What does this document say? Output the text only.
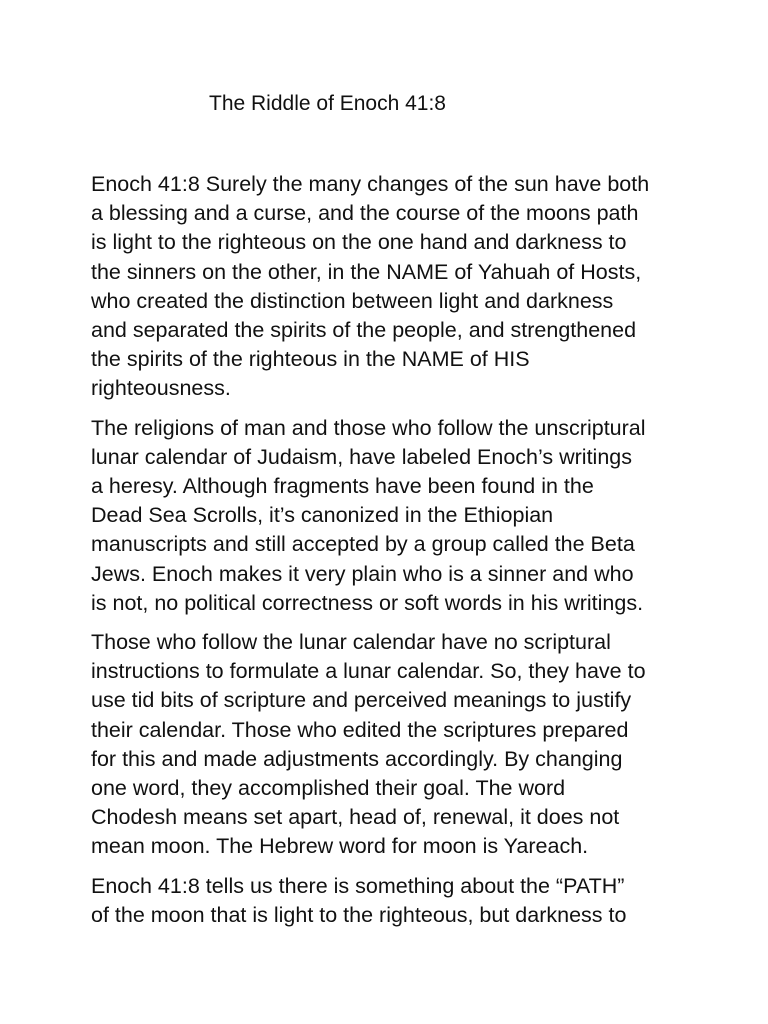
The Riddle of Enoch 41:8

Enoch 41:8 Surely the many changes of the sun have both
a blessing and a curse, and the course of the moons path
is light to the righteous on the one hand and darkness to
the sinners on the other, in the NAME of Yahuah of Hosts,
who created the distinction between light and darkness
and separated the spirits of the people, and strengthened
the spirits of the righteous in the NAME of HIS
righteousness.

The religions of man and those who follow the unscriptural
lunar calendar of Judaism, have labeled Enoch’s writings
a heresy. Although fragments have been found in the
Dead Sea Scrolls, it’s canonized in the Ethiopian
manuscripts and still accepted by a group called the Beta
Jews. Enoch makes it very plain who is a sinner and who
is not, no political correctness or soft words in his writings.

Those who follow the lunar calendar have no scriptural
instructions to formulate a lunar calendar. So, they have to
use tid bits of scripture and perceived meanings to justify
their calendar. Those who edited the scriptures prepared
for this and made adjustments accordingly. By changing
one word, they accomplished their goal. The word
Chodesh means set apart, head of, renewal, it does not
mean moon. The Hebrew word for moon is Yareach.

Enoch 41:8 tells us there is something about the “PATH”
of the moon that is light to the righteous, but darkness to
